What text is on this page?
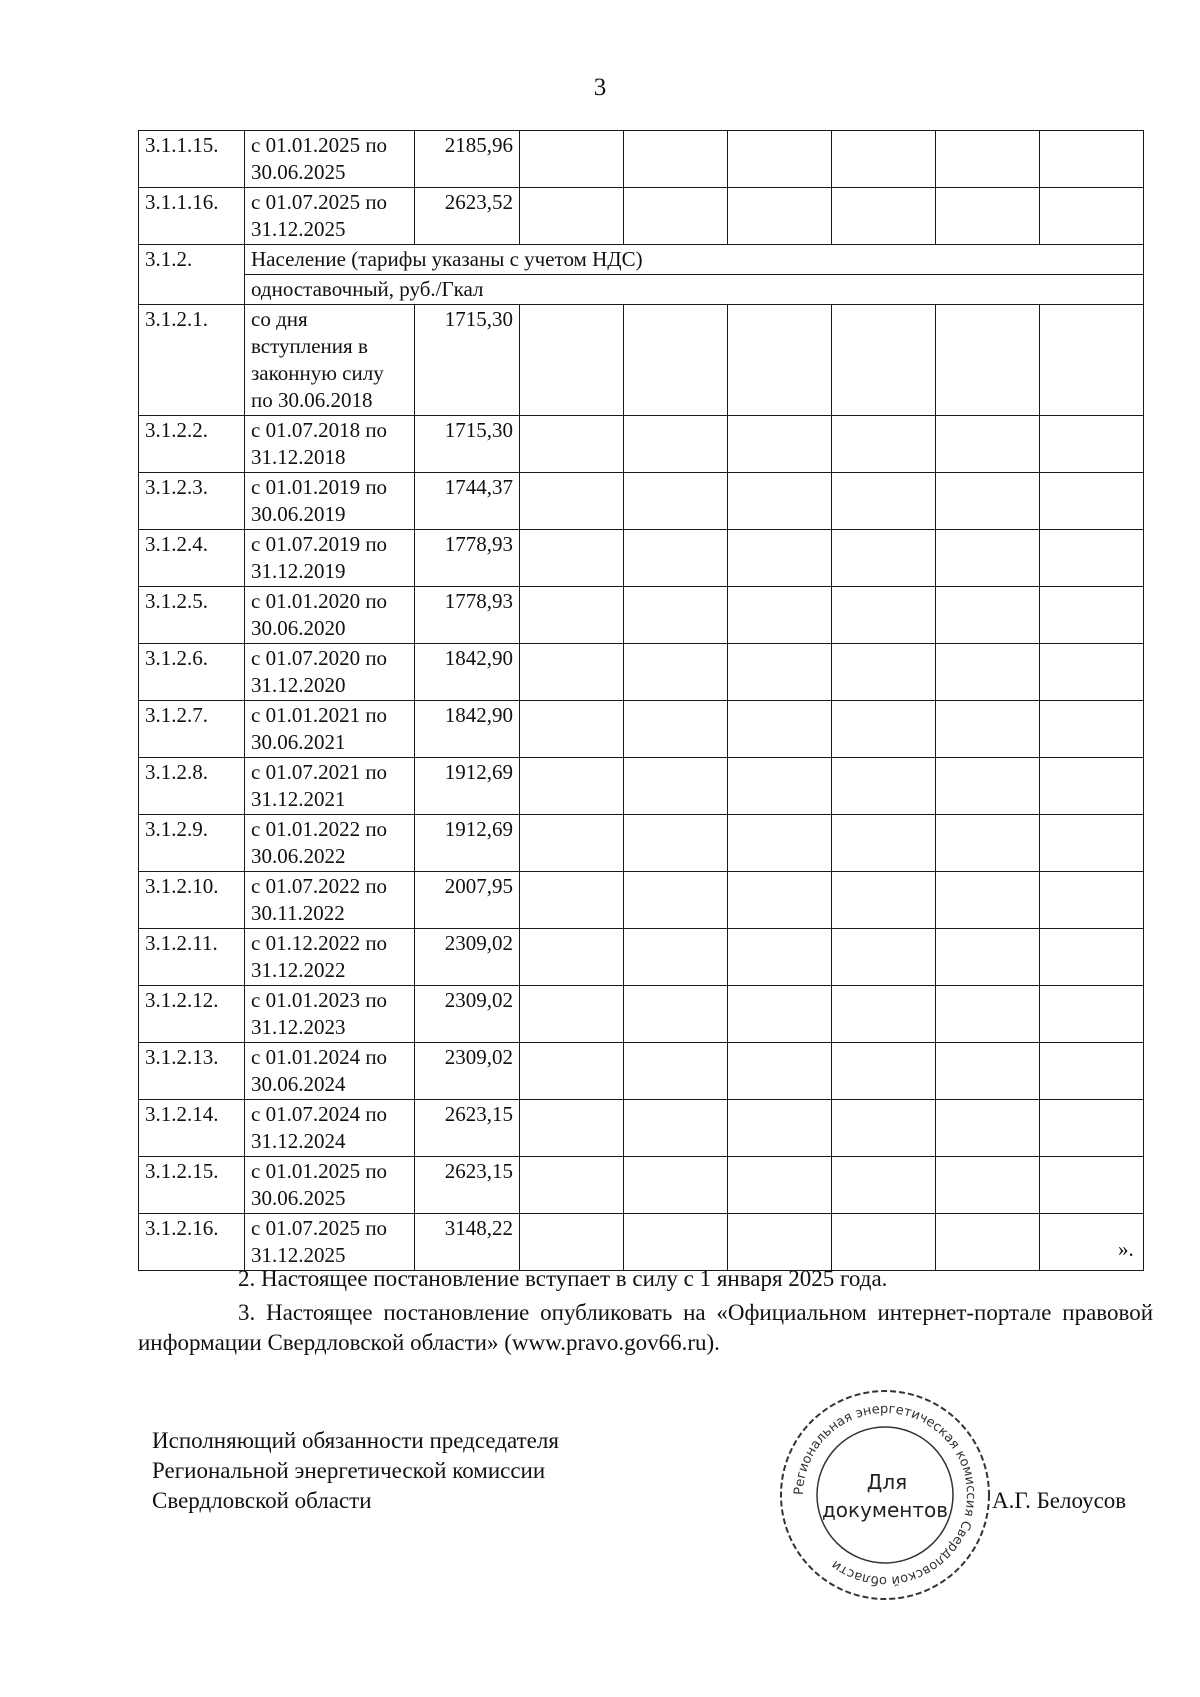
3
3.1.1.15.	с 01.01.2025 по
30.06.2025	2185,96						
3.1.1.16.	с 01.07.2025 по
31.12.2025	2623,52						
3.1.2.	Население (тарифы указаны с учетом НДС)							
	одноставочный, руб./Гкал							
3.1.2.1.	со дня
вступления в
законную силу
по 30.06.2018	1715,30						
3.1.2.2.	с 01.07.2018 по
31.12.2018	1715,30						
3.1.2.3.	с 01.01.2019 по
30.06.2019	1744,37						
3.1.2.4.	с 01.07.2019 по
31.12.2019	1778,93						
3.1.2.5.	с 01.01.2020 по
30.06.2020	1778,93						
3.1.2.6.	с 01.07.2020 по
31.12.2020	1842,90						
3.1.2.7.	с 01.01.2021 по
30.06.2021	1842,90						
3.1.2.8.	с 01.07.2021 по
31.12.2021	1912,69						
3.1.2.9.	с 01.01.2022 по
30.06.2022	1912,69						
3.1.2.10.	с 01.07.2022 по
30.11.2022	2007,95						
3.1.2.11.	с 01.12.2022 по
31.12.2022	2309,02						
3.1.2.12.	с 01.01.2023 по
31.12.2023	2309,02						
3.1.2.13.	с 01.01.2024 по
30.06.2024	2309,02						
3.1.2.14.	с 01.07.2024 по
31.12.2024	2623,15						
3.1.2.15.	с 01.01.2025 по
30.06.2025	2623,15						
3.1.2.16.	с 01.07.2025 по
31.12.2025	3148,22						
».
2. Настоящее постановление вступает в силу с 1 января 2025 года.
3. Настоящее постановление опубликовать на «Официальном интернет-портале правовой информации Свердловской области» (www.pravo.gov66.ru).
Исполняющий обязанности председателя
Региональной энергетической комиссии
Свердловской области	Региональная энергетическая комиссия Свердловской области
Для
документов А.Г. Белоусов
